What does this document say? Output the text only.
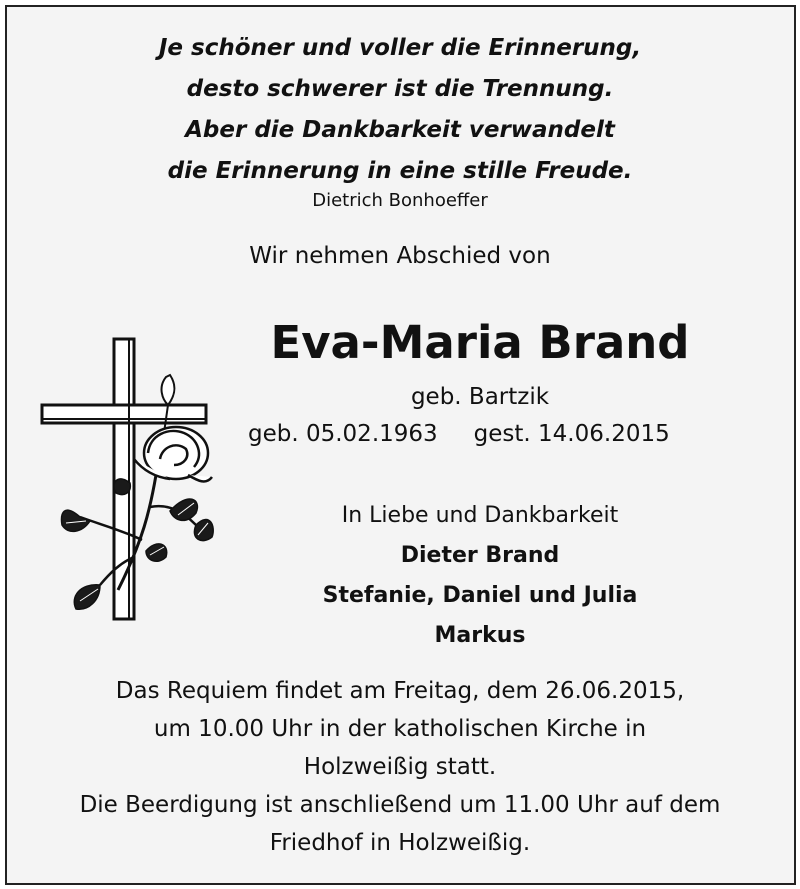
Je schöner und voller die Erinnerung,
desto schwerer ist die Trennung.
Aber die Dankbarkeit verwandelt
die Erinnerung in eine stille Freude.
Dietrich Bonhoeffer
Wir nehmen Abschied von
Eva-Maria Brand
geb. Bartzik
geb. 05.02.1963 gest. 14.06.2015
In Liebe und Dankbarkeit
Dieter Brand
Stefanie, Daniel und Julia
Markus
Das Requiem findet am Freitag, dem 26.06.2015,
um 10.00 Uhr in der katholischen Kirche in
Holzweißig statt.
Die Beerdigung ist anschließend um 11.00 Uhr auf dem
Friedhof in Holzweißig.
